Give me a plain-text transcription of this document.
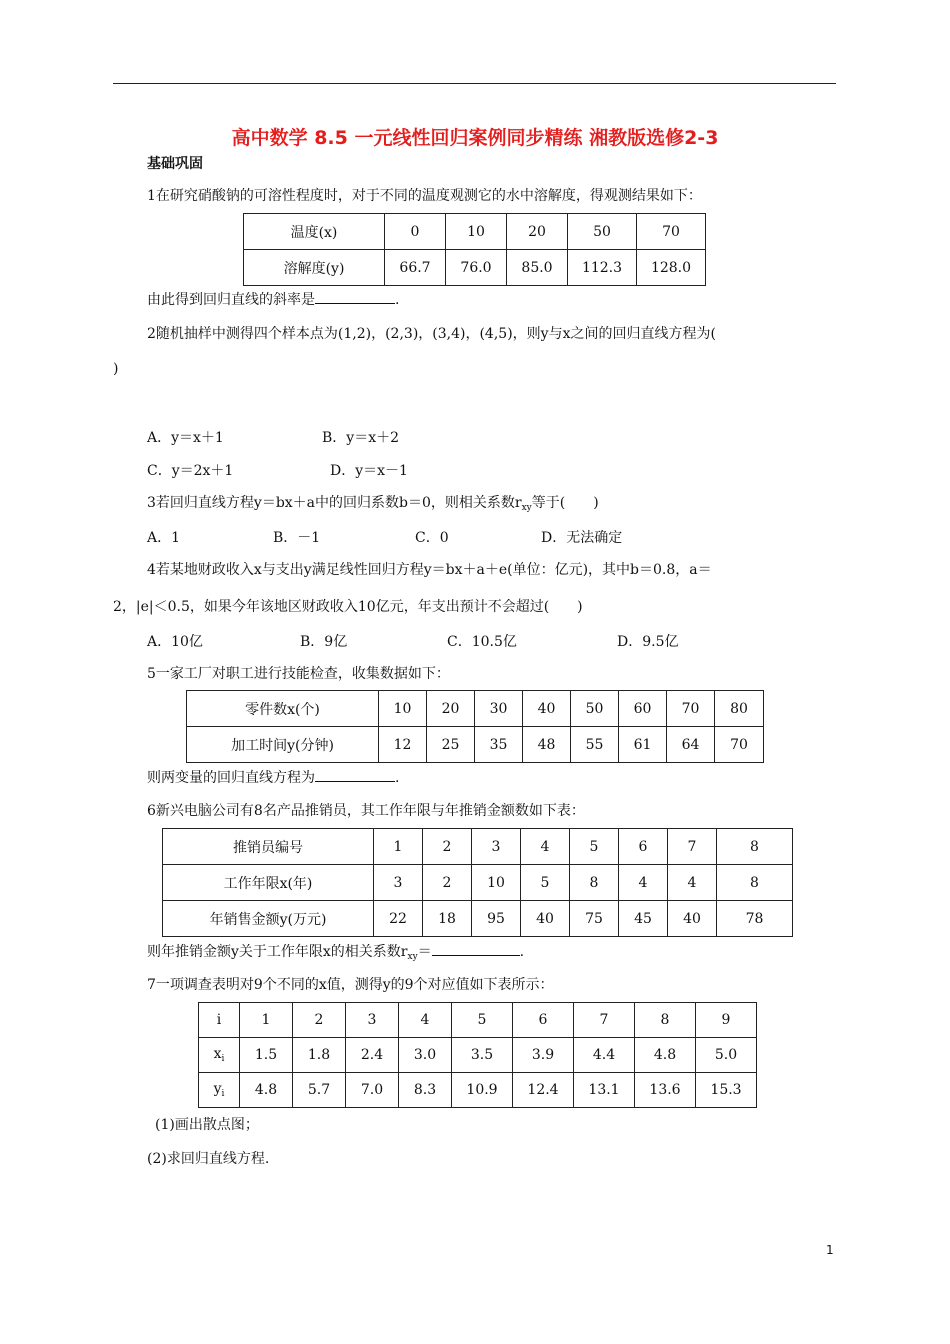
高中数学 8.5 一元线性回归案例同步精练 湘教版选修2-3
基础巩固
1在研究硝酸钠的可溶性程度时，对于不同的温度观测它的水中溶解度，得观测结果如下：
温度(x)	0	10	20	50	70
溶解度(y)	66.7	76.0	85.0	112.3	128.0
由此得到回归直线的斜率是	.
2随机抽样中测得四个样本点为(1,2)，(2,3)，(3,4)，(4,5)，则y与x之间的回归直线方程为(
)
A．y＝x＋1	B．y＝x＋2
C．y＝2x＋1	D．y＝x－1
3若回归直线方程y＝bx＋a中的回归系数b＝0，则相关系数$r_{xy}$等于(　　)
A．1	B．－1	C．0	D．无法确定
4若某地财政收入x与支出y满足线性回归方程y＝bx＋a＋e(单位：亿元)，其中b＝0.8，a＝
2，|e|＜0.5，如果今年该地区财政收入10亿元，年支出预计不会超过(　　)
A．10亿	B．9亿	C．10.5亿	D．9.5亿
5一家工厂对职工进行技能检查，收集数据如下：
零件数x(个)	10	20	30	40	50	60	70	80
加工时间y(分钟)	12	25	35	48	55	61	64	70
则两变量的回归直线方程为	.
6新兴电脑公司有8名产品推销员，其工作年限与年推销金额数如下表：
推销员编号	1	2	3	4	5	6	7	8
工作年限x(年)	3	2	10	5	8	4	4	8
年销售金额y(万元)	22	18	95	40	75	45	40	78
则年推销金额y关于工作年限x的相关系数$r_{xy}=$	.
7一项调查表明对9个不同的x值，测得y的9个对应值如下表所示：
i	1	2	3	4	5	6	7	8	9
$x_i$	1.5	1.8	2.4	3.0	3.5	3.9	4.4	4.8	5.0
$y_i$	4.8	5.7	7.0	8.3	10.9	12.4	13.1	13.6	15.3
(1)画出散点图；
(2)求回归直线方程.
1
